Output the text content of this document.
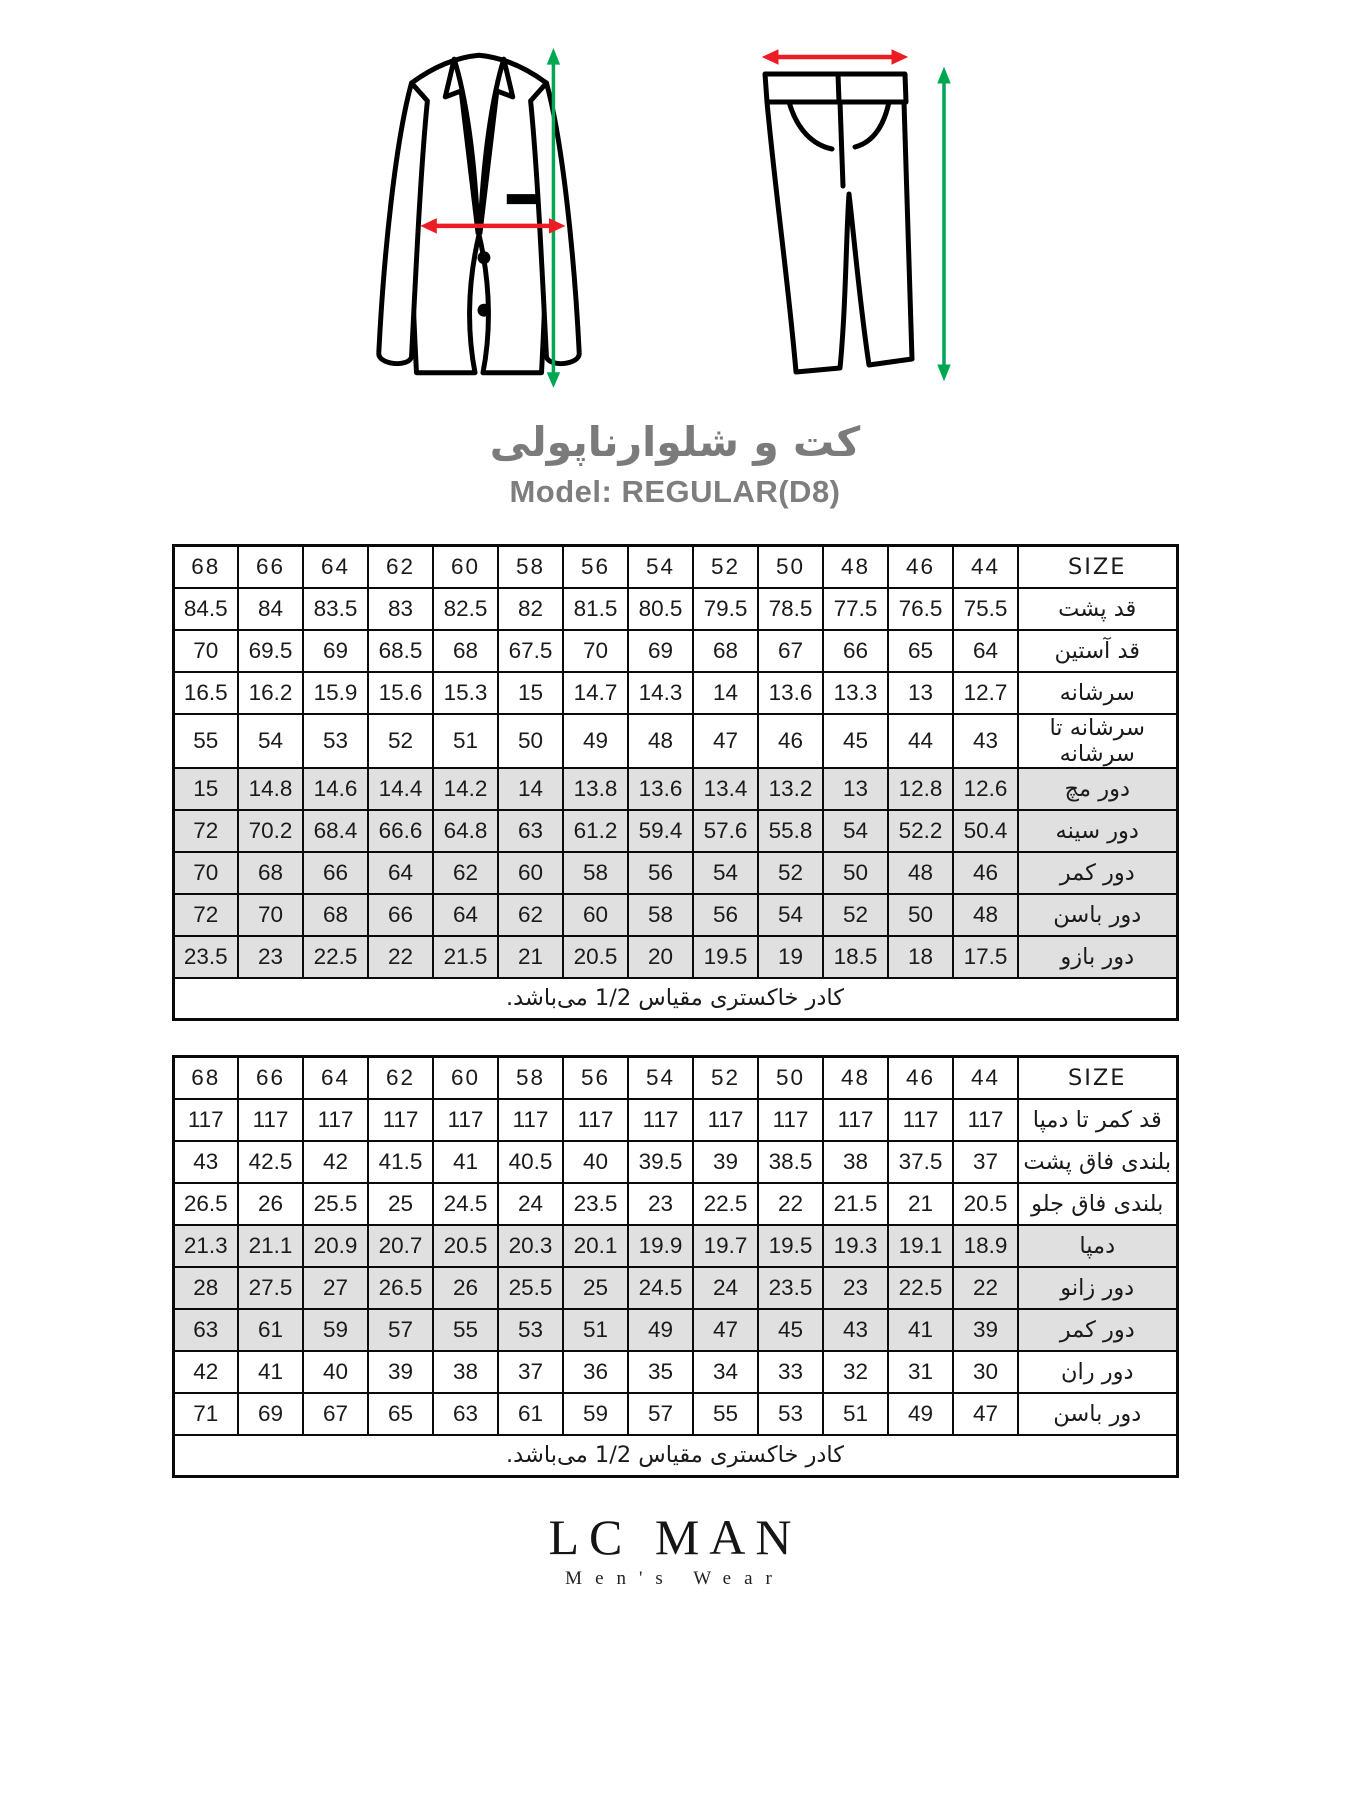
کت و شلوارناپولی
Model: REGULAR(D8)
68	66	64	62	60	58	56	54	52	50	48	46	44	SIZE
84.5	84	83.5	83	82.5	82	81.5	80.5	79.5	78.5	77.5	76.5	75.5	قد پشت
70	69.5	69	68.5	68	67.5	70	69	68	67	66	65	64	قد آستین
16.5	16.2	15.9	15.6	15.3	15	14.7	14.3	14	13.6	13.3	13	12.7	سرشانه
55	54	53	52	51	50	49	48	47	46	45	44	43	سرشانه تا سرشانه
15	14.8	14.6	14.4	14.2	14	13.8	13.6	13.4	13.2	13	12.8	12.6	دور مچ
72	70.2	68.4	66.6	64.8	63	61.2	59.4	57.6	55.8	54	52.2	50.4	دور سینه
70	68	66	64	62	60	58	56	54	52	50	48	46	دور کمر
72	70	68	66	64	62	60	58	56	54	52	50	48	دور باسن
23.5	23	22.5	22	21.5	21	20.5	20	19.5	19	18.5	18	17.5	دور بازو
کادر خاکستری مقیاس 1/2 می‌باشد.													
68	66	64	62	60	58	56	54	52	50	48	46	44	SIZE
117	117	117	117	117	117	117	117	117	117	117	117	117	قد کمر تا دمپا
43	42.5	42	41.5	41	40.5	40	39.5	39	38.5	38	37.5	37	بلندی فاق پشت
26.5	26	25.5	25	24.5	24	23.5	23	22.5	22	21.5	21	20.5	بلندی فاق جلو
21.3	21.1	20.9	20.7	20.5	20.3	20.1	19.9	19.7	19.5	19.3	19.1	18.9	دمپا
28	27.5	27	26.5	26	25.5	25	24.5	24	23.5	23	22.5	22	دور زانو
63	61	59	57	55	53	51	49	47	45	43	41	39	دور کمر
42	41	40	39	38	37	36	35	34	33	32	31	30	دور ران
71	69	67	65	63	61	59	57	55	53	51	49	47	دور باسن
کادر خاکستری مقیاس 1/2 می‌باشد.													
LC MAN
Men's Wear
